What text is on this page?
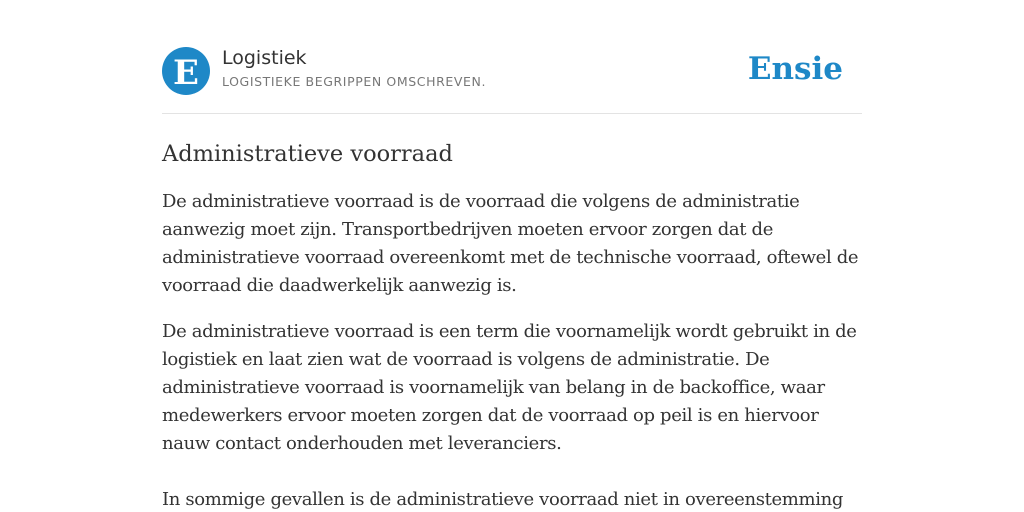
E Logistiek
LOGISTIEKE BEGRIPPEN OMSCHREVEN.	Ensie
Administratieve voorraad

De administratieve voorraad is de voorraad die volgens de administratie aanwezig moet zijn. Transportbedrijven moeten ervoor zorgen dat de administratieve voorraad overeenkomt met de technische voorraad, oftewel de voorraad die daadwerkelijk aanwezig is.

De administratieve voorraad is een term die voornamelijk wordt gebruikt in de logistiek en laat zien wat de voorraad is volgens de administratie. De administratieve voorraad is voornamelijk van belang in de backoffice, waar medewerkers ervoor moeten zorgen dat de voorraad op peil is en hiervoor nauw contact onderhouden met leveranciers.

In sommige gevallen is de administratieve voorraad niet in overeenstemming
